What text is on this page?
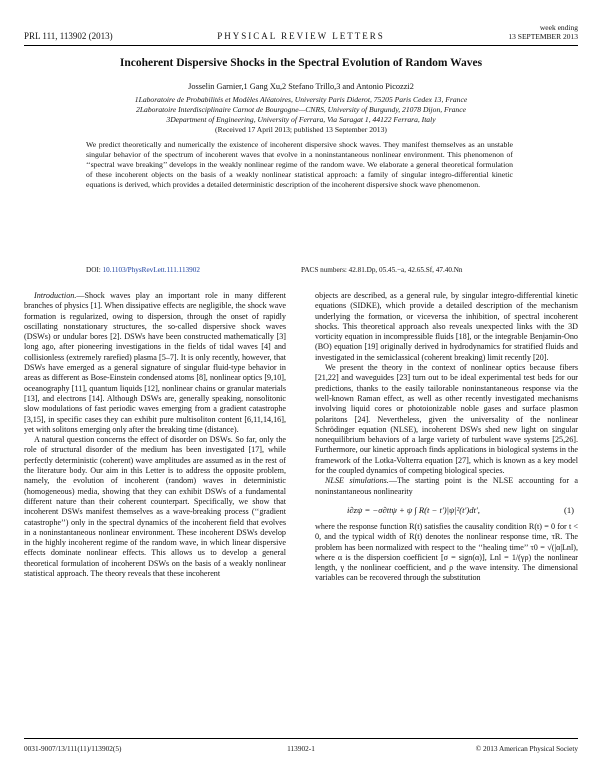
PRL 111, 113902 (2013)	PHYSICAL REVIEW LETTERS
week ending
13 SEPTEMBER 2013
Incoherent Dispersive Shocks in the Spectral Evolution of Random Waves
Josselin Garnier,1 Gang Xu,2 Stefano Trillo,3 and Antonio Picozzi2
1Laboratoire de Probabilités et Modèles Aléatoires, University Paris Diderot, 75205 Paris Cedex 13, France
2Laboratoire Interdisciplinaire Carnot de Bourgogne—CNRS, University of Burgundy, 21078 Dijon, France
3Department of Engineering, University of Ferrara, Via Saragat 1, 44122 Ferrara, Italy
(Received 17 April 2013; published 13 September 2013)
We predict theoretically and numerically the existence of incoherent dispersive shock waves. They manifest themselves as an unstable singular behavior of the spectrum of incoherent waves that evolve in a noninstantaneous nonlinear environment. This phenomenon of ‘‘spectral wave breaking’’ develops in the weakly nonlinear regime of the random wave. We elaborate a general theoretical formulation of these incoherent objects on the basis of a weakly nonlinear statistical approach: a family of singular integro-differential kinetic equations is derived, which provides a detailed deterministic description of the incoherent dispersive shock wave phenomenon.
DOI: 10.1103/PhysRevLett.111.113902	PACS numbers: 42.81.Dp, 05.45.−a, 42.65.Sf, 47.40.Nn

Introduction.—Shock waves play an important role in many different branches of physics [1]. When dissipative effects are negligible, the shock wave formation is regularized, owing to dispersion, through the onset of rapidly oscillating nonstationary structures, the so-called dispersive shock waves (DSWs) or undular bores [2]. DSWs have been constructed mathematically [3] long ago, after pioneering investigations in the fields of tidal waves [4] and collisionless (extremely rarefied) plasma [5–7]. It is only recently, however, that DSWs have emerged as a general signature of singular fluid-type behavior in areas as different as Bose-Einstein condensed atoms [8], nonlinear optics [9,10], oceanography [11], quantum liquids [12], nonlinear chains or granular materials [13], and electrons [14]. Although DSWs are, generally speaking, nonsolitonic slow modulations of fast periodic waves emerging from a gradient catastrophe [3,15], in specific cases they can exhibit pure multisoliton content [6,11,14,16], yet with solitons emerging only after the breaking time (distance).

A natural question concerns the effect of disorder on DSWs. So far, only the role of structural disorder of the medium has been investigated [17], while perfectly deterministic (coherent) wave amplitudes are assumed as in the rest of the literature body. Our aim in this Letter is to address the opposite problem, namely, the evolution of incoherent (random) waves in deterministic (homogeneous) media, showing that they can exhibit DSWs of a fundamental different nature than their coherent counterpart. Specifically, we show that incoherent DSWs manifest themselves as a wave-breaking process (‘‘gradient catastrophe’’) only in the spectral dynamics of the incoherent field that evolves in a noninstantaneous nonlinear environment. These incoherent DSWs develop in the highly incoherent regime of the random wave, in which linear dispersive effects dominate nonlinear effects. This allows us to develop a general theoretical formulation of incoherent DSWs on the basis of a weakly nonlinear statistical approach. The theory reveals that these incoherent

objects are described, as a general rule, by singular integro-differential kinetic equations (SIDKE), which provide a detailed description of the mechanism underlying the formation, or viceversa the inhibition, of spectral incoherent shocks. This theoretical approach also reveals unexpected links with the 3D vorticity equation in incompressible fluids [18], or the integrable Benjamin-Ono (BO) equation [19] originally derived in hydrodynamics for stratified fluids and investigated in the semiclassical (coherent breaking) limit recently [20].

We present the theory in the context of nonlinear optics because fibers [21,22] and waveguides [23] turn out to be ideal experimental test beds for our predictions, thanks to the easily tailorable noninstantaneous response via the well-known Raman effect, as well as other recently investigated mechanisms involving liquid cores or photoionizable noble gases and surface plasmon polaritons [24]. Nevertheless, given the universality of the nonlinear Schrödinger equation (NLSE), incoherent DSWs shed new light on singular nonequilibrium behaviors of a large variety of turbulent wave systems [25,26]. Furthermore, our kinetic approach finds applications in biological systems in the framework of the Lotka-Volterra equation [27], which is known as a key model for the coupled dynamics of competing biological species.

NLSE simulations.—The starting point is the NLSE accounting for a noninstantaneous nonlinearity

i∂zψ = −σ∂ttψ + ψ ∫ R(t − t′)|ψ|²(t′)dt′,	(1)

where the response function R(t) satisfies the causality condition R(t) = 0 for t < 0, and the typical width of R(t) denotes the nonlinear response time, τR. The problem has been normalized with respect to the ‘‘healing time’’ τ0 = √(|α|Lnl), where α is the dispersion coefficient [σ = sign(α)], Lnl = 1/(γρ) the nonlinear length, γ the nonlinear coefficient, and ρ the wave intensity. The dimensional variables can be recovered through the substitution

0031-9007/13/111(11)/113902(5)	113902-1	© 2013 American Physical Society
